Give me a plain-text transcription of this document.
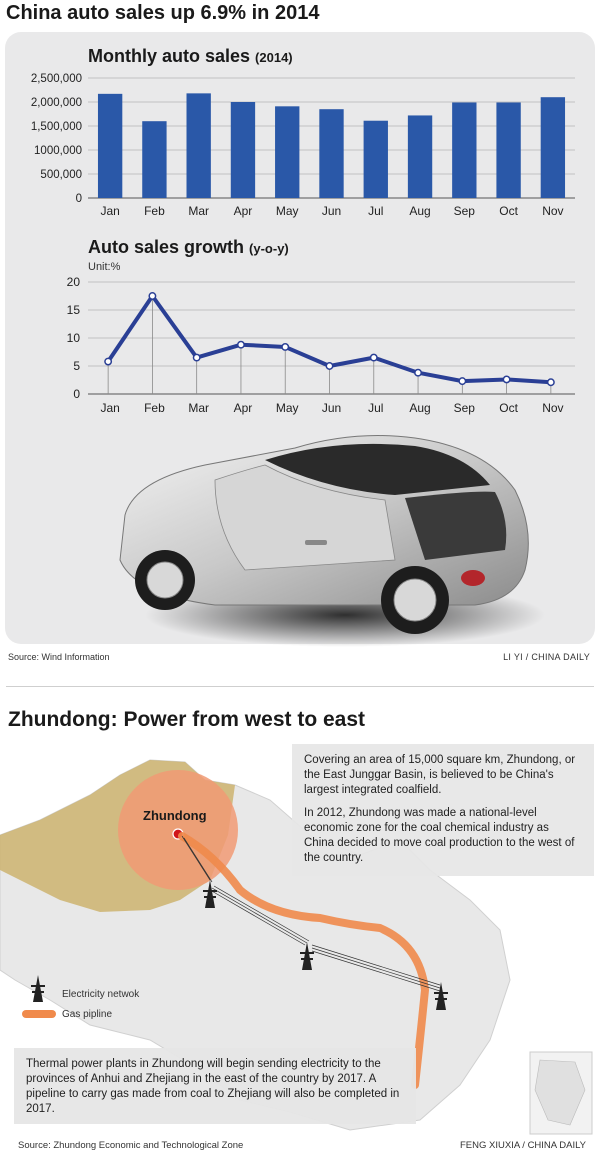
China auto sales up 6.9% in 2014
Monthly auto sales (2014)
0
500,000
1000,000
1,500,000
2,000,000
2,500,000
Jan Feb Mar Apr May Jun Jul Aug Sep Oct Nov
Auto sales growth (y-o-y)
Unit:%
0
5
10
15
20
Jan Feb Mar Apr May Jun Jul Aug Sep Oct Nov
Source: Wind Information	LI YI / CHINA DAILY
Zhundong: Power from west to east
Zhundong

Covering an area of 15,000 square km, Zhundong, or the East Junggar Basin, is believed to be China's largest integrated coalfield.

In 2012, Zhundong was made a national-level economic zone for the coal chemical industry as China decided to move coal production to the west of the country.

Electricity netwok
Gas pipline
Thermal power plants in Zhundong will begin sending electricity to the provinces of Anhui and Zhejiang in the east of the country by 2017. A pipeline to carry gas made from coal to Zhejiang will also be completed in 2017.
Source: Zhundong Economic and Technological Zone	FENG XIUXIA / CHINA DAILY
